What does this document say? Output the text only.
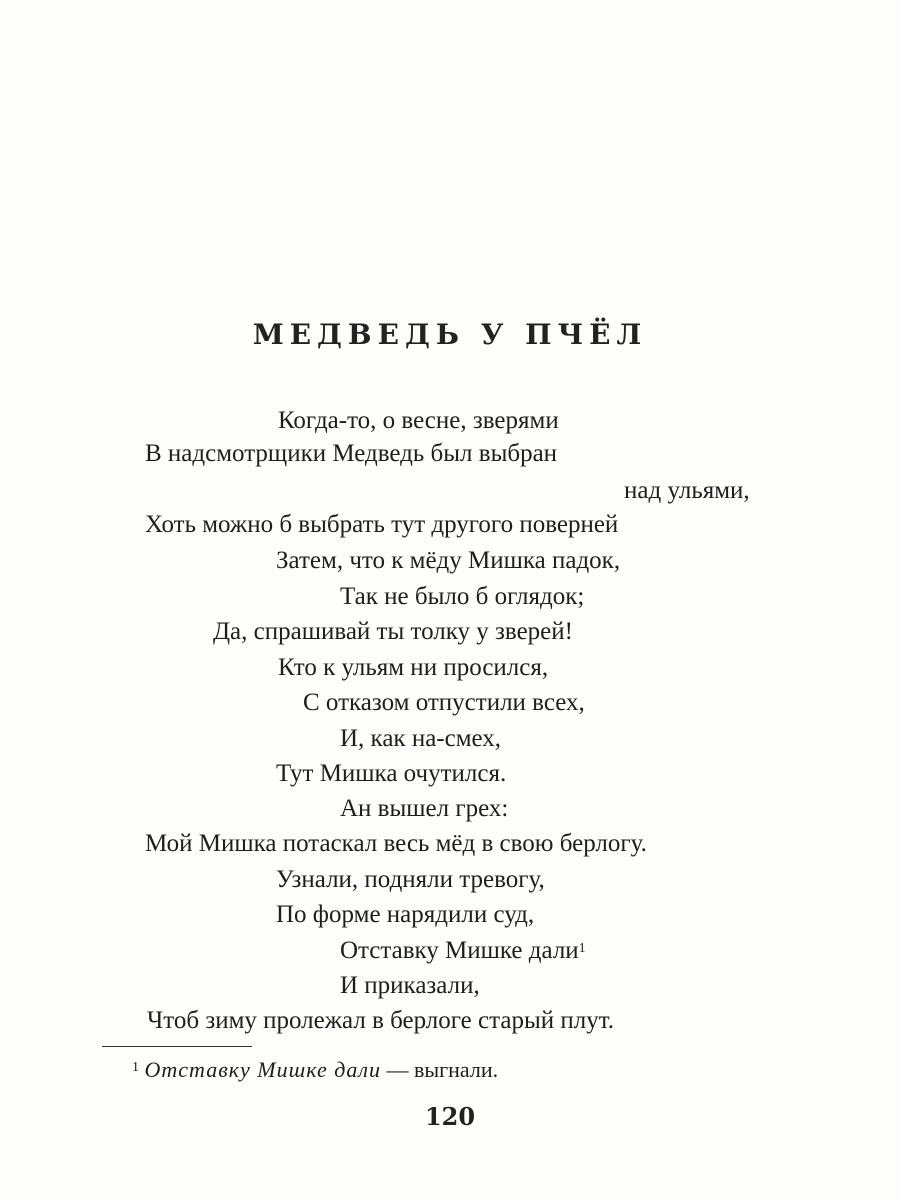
МЕДВЕДЬ У ПЧЁЛ
Когда-то, о весне, зверями
В надсмотрщики Медведь был выбран
над ульями,
Хоть можно б выбрать тут другого поверней
Затем, что к мёду Мишка падок,
Так не было б оглядок;
Да, спрашивай ты толку у зверей!
Кто к ульям ни просился,
С отказом отпустили всех,
И, как на-смех,
Тут Мишка очутился.
Ан вышел грех:
Мой Мишка потаскал весь мёд в свою берлогу.
Узнали, подняли тревогу,
По форме нарядили суд,
Отставку Мишке дали$^1$
И приказали,
Чтоб зиму пролежал в берлоге старый плут.
$^1$ Отставку Мишке дали — выгнали.
120
